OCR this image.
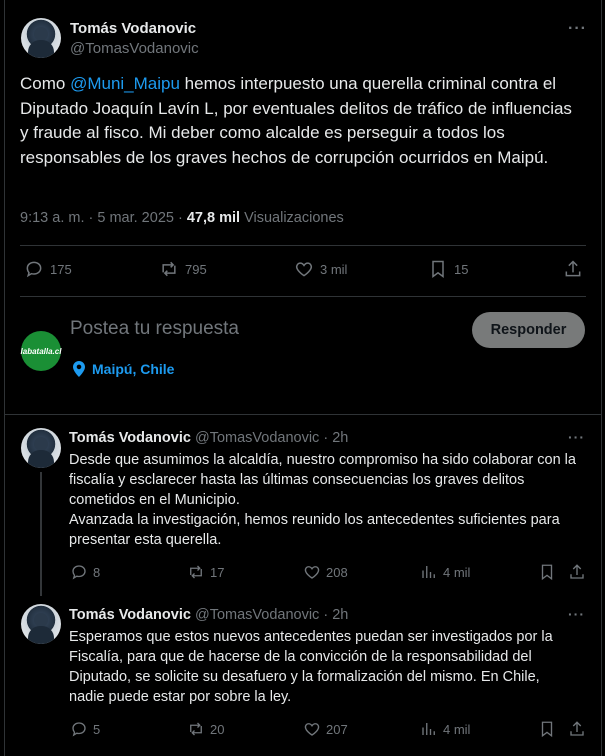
Tomás Vodanovic
@TomasVodanovic
···
Como @Muni_Maipu hemos interpuesto una querella criminal contra el Diputado Joaquín Lavín L, por eventuales delitos de tráfico de influencias y fraude al fisco. Mi deber como alcalde es perseguir a todos los responsables de los graves hechos de corrupción ocurridos en Maipú.
9:13 a. m. · 5 mar. 2025 · 47,8 mil Visualizaciones
175	795	3 mil	15
labatalla.cl
Postea tu respuesta	Responder
Maipú, Chile
Tomás Vodanovic @TomasVodanovic · 2h	···
Desde que asumimos la alcaldía, nuestro compromiso ha sido colaborar con la fiscalía y esclarecer hasta las últimas consecuencias los graves delitos cometidos en el Municipio.
Avanzada la investigación, hemos reunido los antecedentes suficientes para presentar esta querella.
8	17	208	4 mil
Tomás Vodanovic @TomasVodanovic · 2h	···
Esperamos que estos nuevos antecedentes puedan ser investigados por la Fiscalía, para que de hacerse de la convicción de la responsabilidad del Diputado, se solicite su desafuero y la formalización del mismo. En Chile, nadie puede estar por sobre la ley.
5	20	207	4 mil
